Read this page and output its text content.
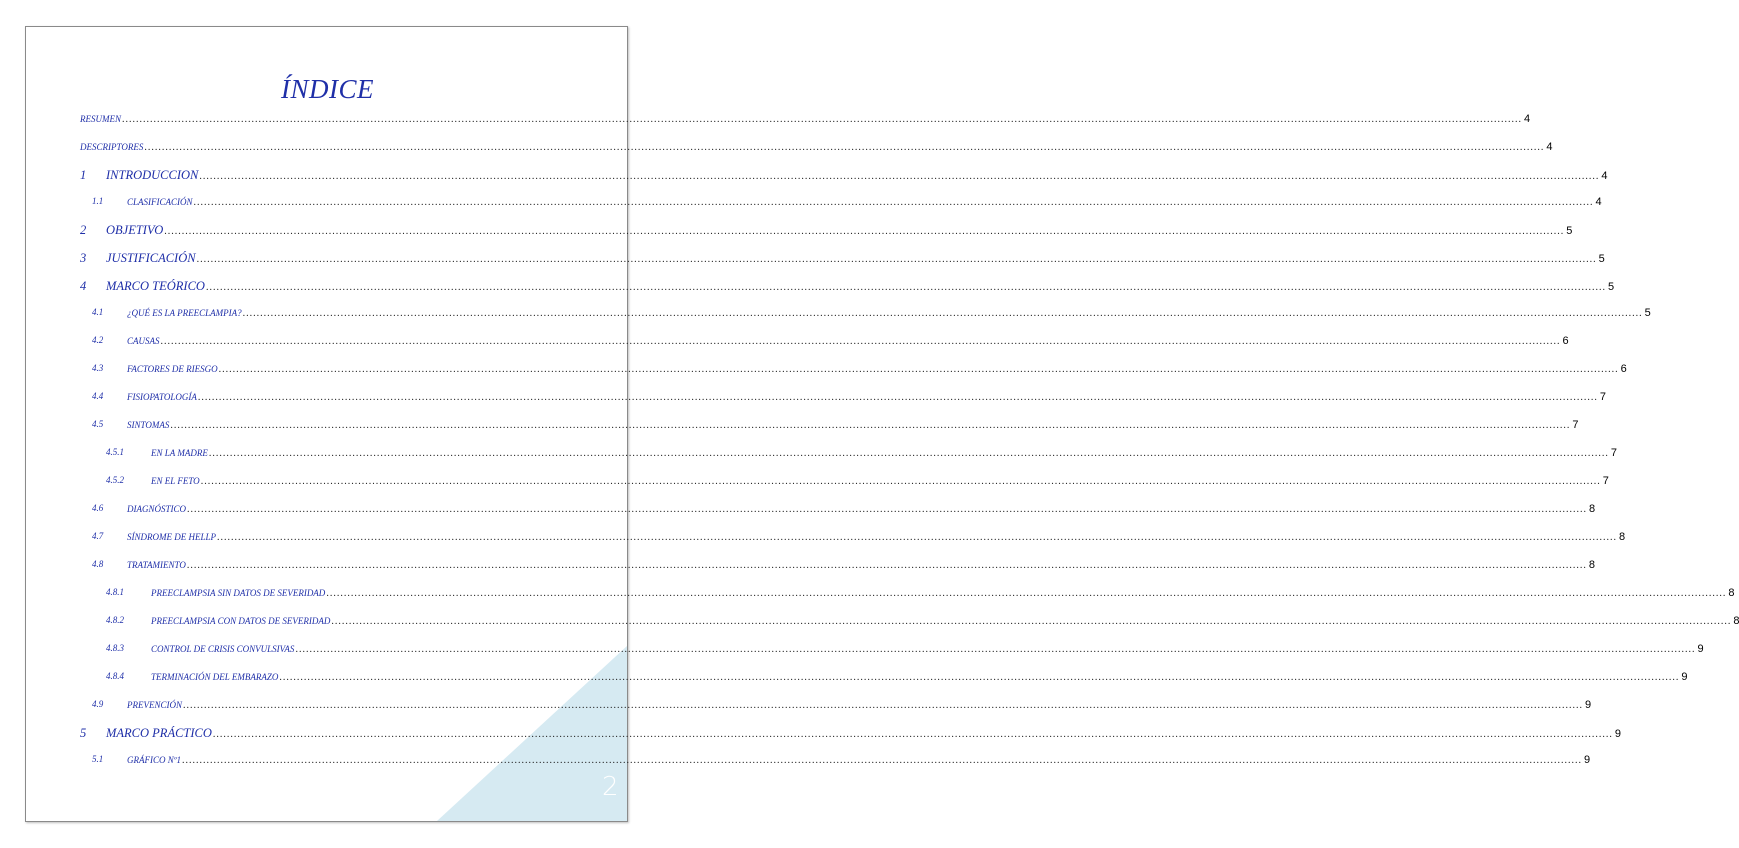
2
ÍNDICE
RESUMEN ................................................................................................................................................................................................................................................................................................................................................................................................................ 4
DESCRIPTORES ................................................................................................................................................................................................................................................................................................................................................................................................................ 4
1 INTRODUCCION ................................................................................................................................................................................................................................................................................................................................................................................................................ 4
1.1	CLASIFICACIÓN ................................................................................................................................................................................................................................................................................................................................................................................................................ 4
2 OBJETIVO ................................................................................................................................................................................................................................................................................................................................................................................................................ 5
3 JUSTIFICACIÓN ................................................................................................................................................................................................................................................................................................................................................................................................................ 5
4 MARCO TEÓRICO ................................................................................................................................................................................................................................................................................................................................................................................................................ 5
4.1	¿QUÉ ES LA PREECLAMPIA? ................................................................................................................................................................................................................................................................................................................................................................................................................ 5
4.2	CAUSAS ................................................................................................................................................................................................................................................................................................................................................................................................................ 6
4.3	FACTORES DE RIESGO ................................................................................................................................................................................................................................................................................................................................................................................................................ 6
4.4	FISIOPATOLOGÍA ................................................................................................................................................................................................................................................................................................................................................................................................................ 7
4.5	SINTOMAS ................................................................................................................................................................................................................................................................................................................................................................................................................ 7
4.5.1	EN LA MADRE ................................................................................................................................................................................................................................................................................................................................................................................................................ 7
4.5.2	EN EL FETO ................................................................................................................................................................................................................................................................................................................................................................................................................ 7
4.6	DIAGNÓSTICO ................................................................................................................................................................................................................................................................................................................................................................................................................ 8
4.7	SÍNDROME DE HELLP ................................................................................................................................................................................................................................................................................................................................................................................................................ 8
4.8	TRATAMIENTO ................................................................................................................................................................................................................................................................................................................................................................................................................ 8
4.8.1	PREECLAMPSIA SIN DATOS DE SEVERIDAD ................................................................................................................................................................................................................................................................................................................................................................................................................ 8
4.8.2	PREECLAMPSIA CON DATOS DE SEVERIDAD ................................................................................................................................................................................................................................................................................................................................................................................................................ 8
4.8.3	CONTROL DE CRISIS CONVULSIVAS ................................................................................................................................................................................................................................................................................................................................................................................................................ 9
4.8.4	TERMINACIÓN DEL EMBARAZO ................................................................................................................................................................................................................................................................................................................................................................................................................ 9
4.9	PREVENCIÓN ................................................................................................................................................................................................................................................................................................................................................................................................................ 9
5 MARCO PRÁCTICO ................................................................................................................................................................................................................................................................................................................................................................................................................ 9
5.1	GRÁFICO Nº1 ................................................................................................................................................................................................................................................................................................................................................................................................................ 9
